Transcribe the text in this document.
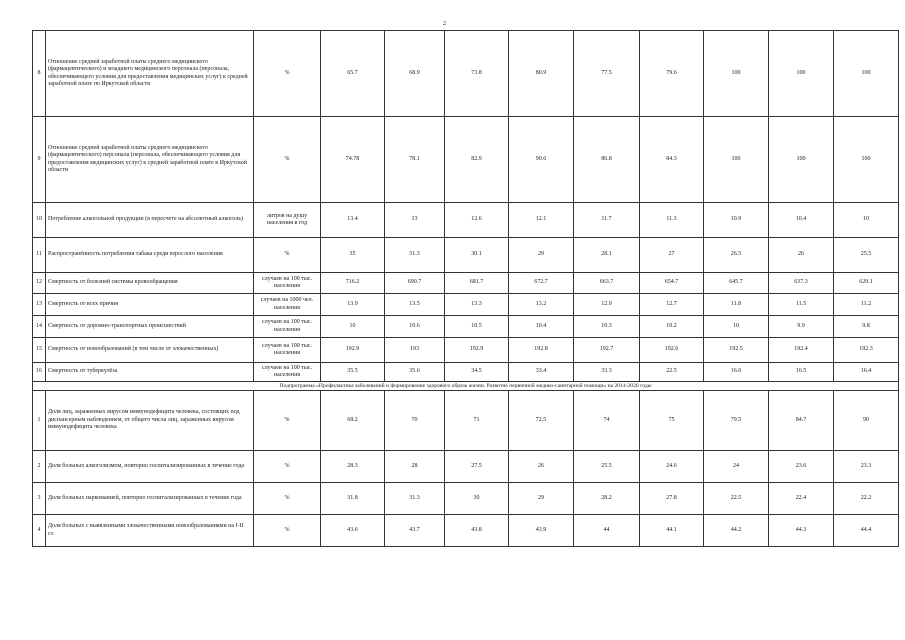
2
8	Отношение средней заработной платы среднего медицинского (фармацевтического) и младшего медицинского персонала (персонала, обеспечивающего условия для предоставления медицинских услуг) к средней заработной плате по Иркутской области	%	65.7	68.9	73.8	80.9	77.5	79.6	100	100	100
9	Отношение средней заработной платы среднего медицинского (фармацевтического) персонала (персонала, обеспечивающего условия для предоставления медицинских услуг) к средней заработной плате в Иркутской области	%	74.78	78.1	82.9	90.6	86.8	84.3	100	100	100
10	Потребление алкогольной продукции (в пересчете на абсолютный алкоголь)	литров на душу населения в год	13.4	13	12.6	12.1	11.7	11.3	10.9	10.4	10
11	Распространённость потребления табака среди взрослого населения	%	35	31.3	30.1	29	28.1	27	26.5	26	25.5
12	Смертность от болезней системы кровообращения	случаев на 100 тыс. населения	716.2	690.7	681.7	672.7	663.7	654.7	645.7	637.3	629.1
13	Смертность от всех причин	случаев на 1000 чел. населения	13.9	13.5	13.3	13.2	12.9	12.7	11.8	11.5	11.2
14	Смертность от дорожно-транспортных происшествий	случаев на 100 тыс. населения	10	10.6	10.5	10.4	10.3	10.2	10	9.9	9.8
15	Смертность от новообразований (в том числе от злокачественных)	случаев на 100 тыс. населения	192.9	193	192.9	192.8	192.7	192.6	192.5	192.4	192.3
16	Смертность от туберкулёза	случаев на 100 тыс. населения	35.5	35.6	34.5	33.4	33.3	22.5	16.6	16.5	16.4
Подпрограмма «Профилактика заболеваний и формирование здорового образа жизни. Развитие первичной медико-санитарной помощи» на 2014-2020 годы											
1	Доля лиц, зараженных вирусом иммунодефицита человека, состоящих под диспансерным наблюдением, от общего числа лиц, зараженных вирусом иммунодефицита человека	%	68.2	70	71	72.5	74	75	79.5	84.7	90
2	Доля больных алкоголизмом, повторно госпитализированных в течение года	%	28.3	28	27.5	26	25.5	24.6	24	23.6	23.3
3	Доля больных наркоманией, повторно госпитализированных в течение года	%	31.8	31.3	30	29	28.2	27.8	22.5	22.4	22.2
4	Доля больных с выявленными злокачественными новообразованиями на I-II ст.	%	43.6	43.7	43.8	43.9	44	44.1	44.2	44.3	44.4
